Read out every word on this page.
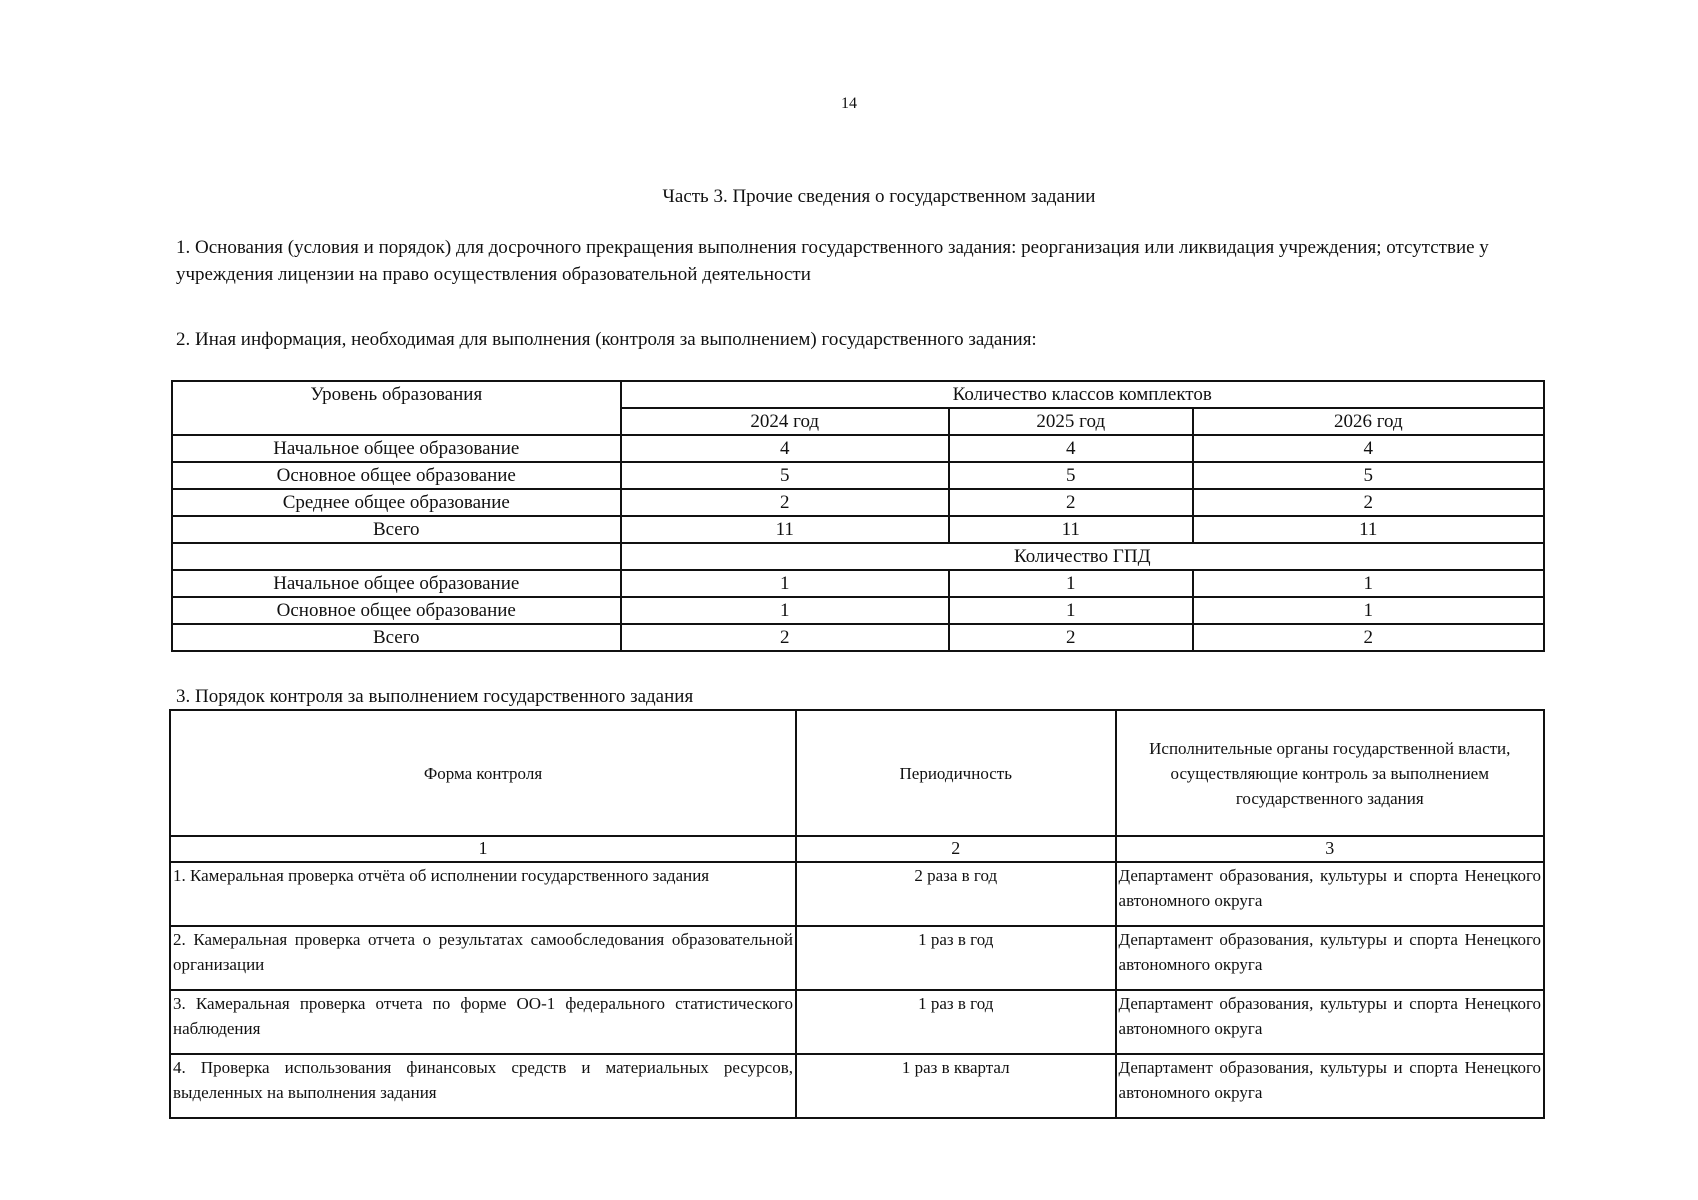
14
Часть 3. Прочие сведения о государственном задании
1. Основания (условия и порядок) для досрочного прекращения выполнения государственного задания: реорганизация или ликвидация учреждения; отсутствие у учреждения лицензии на право осуществления образовательной деятельности
2. Иная информация, необходимая для выполнения (контроля за выполнением) государственного задания:
Уровень образования	Количество классов комплектов		
	2024 год	2025 год	2026 год
Начальное общее образование	4	4	4
Основное общее образование	5	5	5
Среднее общее образование	2	2	2
Всего	11	11	11
	Количество ГПД		
Начальное общее образование	1	1	1
Основное общее образование	1	1	1
Всего	2	2	2
3. Порядок контроля за выполнением государственного задания
Форма контроля	Периодичность	Исполнительные органы государственной власти, осуществляющие контроль за выполнением государственного задания
1	2	3
1. Камеральная проверка отчёта об исполнении государственного задания	2 раза в год	Департамент образования, культуры и спорта Ненецкого автономного округа
2. Камеральная проверка отчета о результатах самообследования образовательной организации	1 раз в год	Департамент образования, культуры и спорта Ненецкого автономного округа
3. Камеральная проверка отчета по форме ОО-1 федерального статистического наблюдения	1 раз в год	Департамент образования, культуры и спорта Ненецкого автономного округа
4. Проверка использования финансовых средств и материальных ресурсов, выделенных на выполнения задания	1 раз в квартал	Департамент образования, культуры и спорта Ненецкого автономного округа
